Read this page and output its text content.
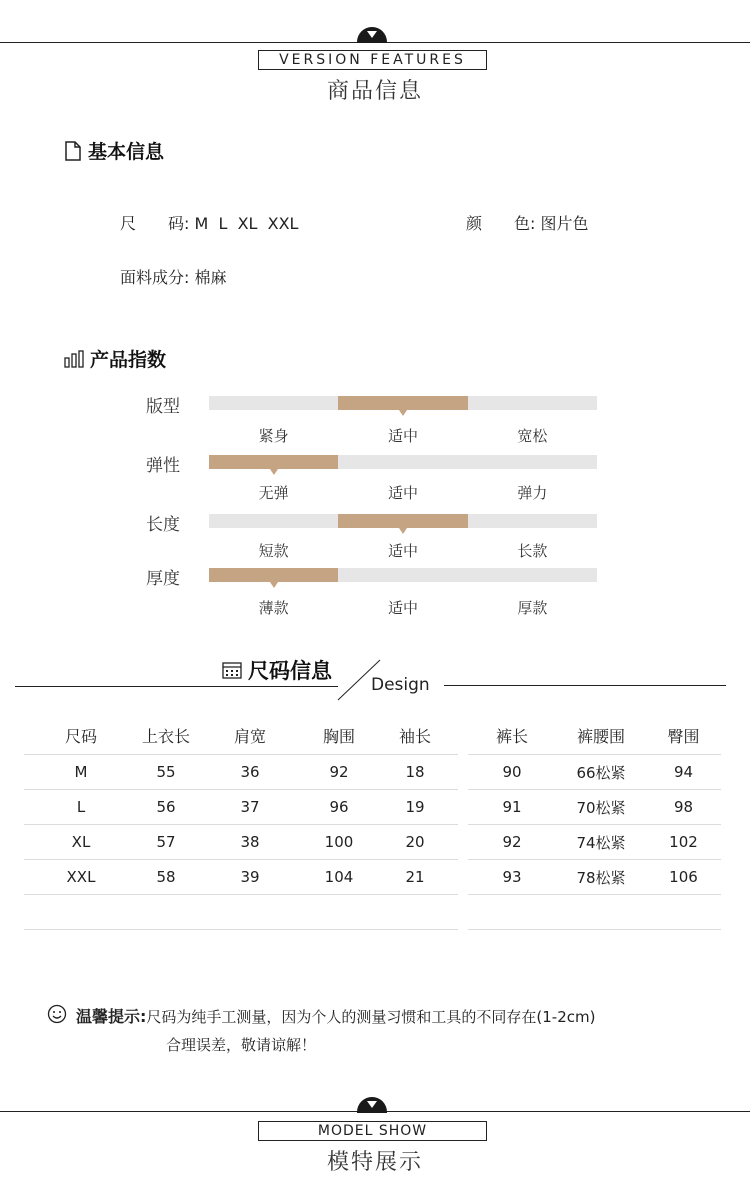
VERSION FEATURES
商品信息
基本信息
尺　　码: M  L  XL  XXL	颜　　色: 图片色
面料成分: 棉麻
产品指数
版型
紧身	适中	宽松
弹性
无弹	适中	弹力
长度
短款	适中	长款
厚度
薄款	适中	厚款
尺码信息
Design
尺码	上衣长	肩宽	胸围	袖长
M	55	36	92	18
L	56	37	96	19
XL	57	38	100	20
XXL	58	39	104	21

裤长	裤腰围	臀围
90	66松紧	94
91	70松紧	98
92	74松紧	102
93	78松紧	106

温馨提示:尺码为纯手工测量，因为个人的测量习惯和工具的不同存在(1-2cm)
合理误差，敬请谅解！
MODEL SHOW
模特展示
